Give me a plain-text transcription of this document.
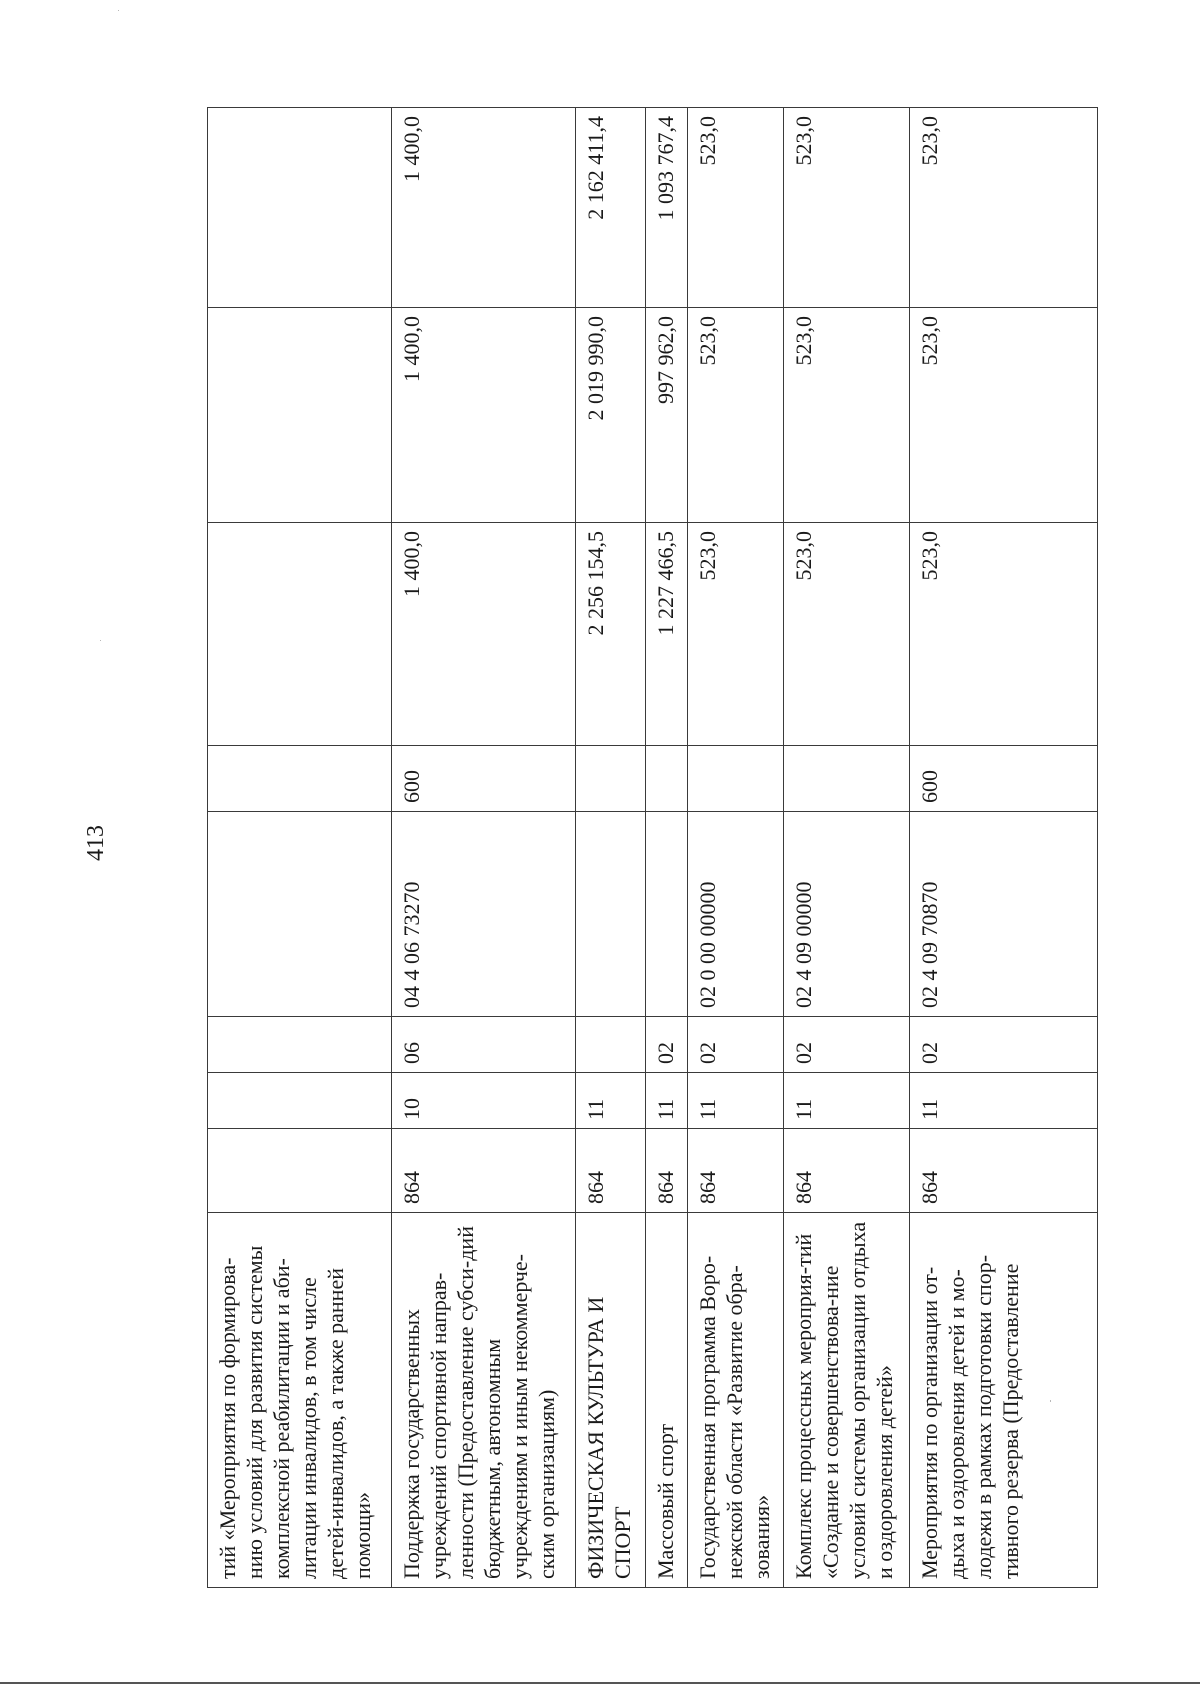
413
тий «Мероприятия по формирова-нию условий для развития системы комплексной реабилитации и аби-литации инвалидов, в том числе детей-инвалидов, а также ранней помощи»								
Поддержка государственных учреждений спортивной направ-ленности (Предоставление субси-дий бюджетным, автономным учреждениям и иным некоммерче-ским организациям)	864	10	06	04 4 06 73270	600	1 400,0	1 400,0	1 400,0
ФИЗИЧЕСКАЯ КУЛЬТУРА И СПОРТ	864	11				2 256 154,5	2 019 990,0	2 162 411,4
Массовый спорт	864	11	02			1 227 466,5	997 962,0	1 093 767,4
Государственная программа Воро-нежской области «Развитие обра-зования»	864	11	02	02 0 00 00000		523,0	523,0	523,0
Комплекс процессных мероприя-тий «Создание и совершенствова-ние условий системы организации отдыха и оздоровления детей»	864	11	02	02 4 09 00000		523,0	523,0	523,0
Мероприятия по организации от-дыха и оздоровления детей и мо-лодежи в рамках подготовки спор-тивного резерва (Предоставление	864	11	02	02 4 09 70870	600	523,0	523,0	523,0
